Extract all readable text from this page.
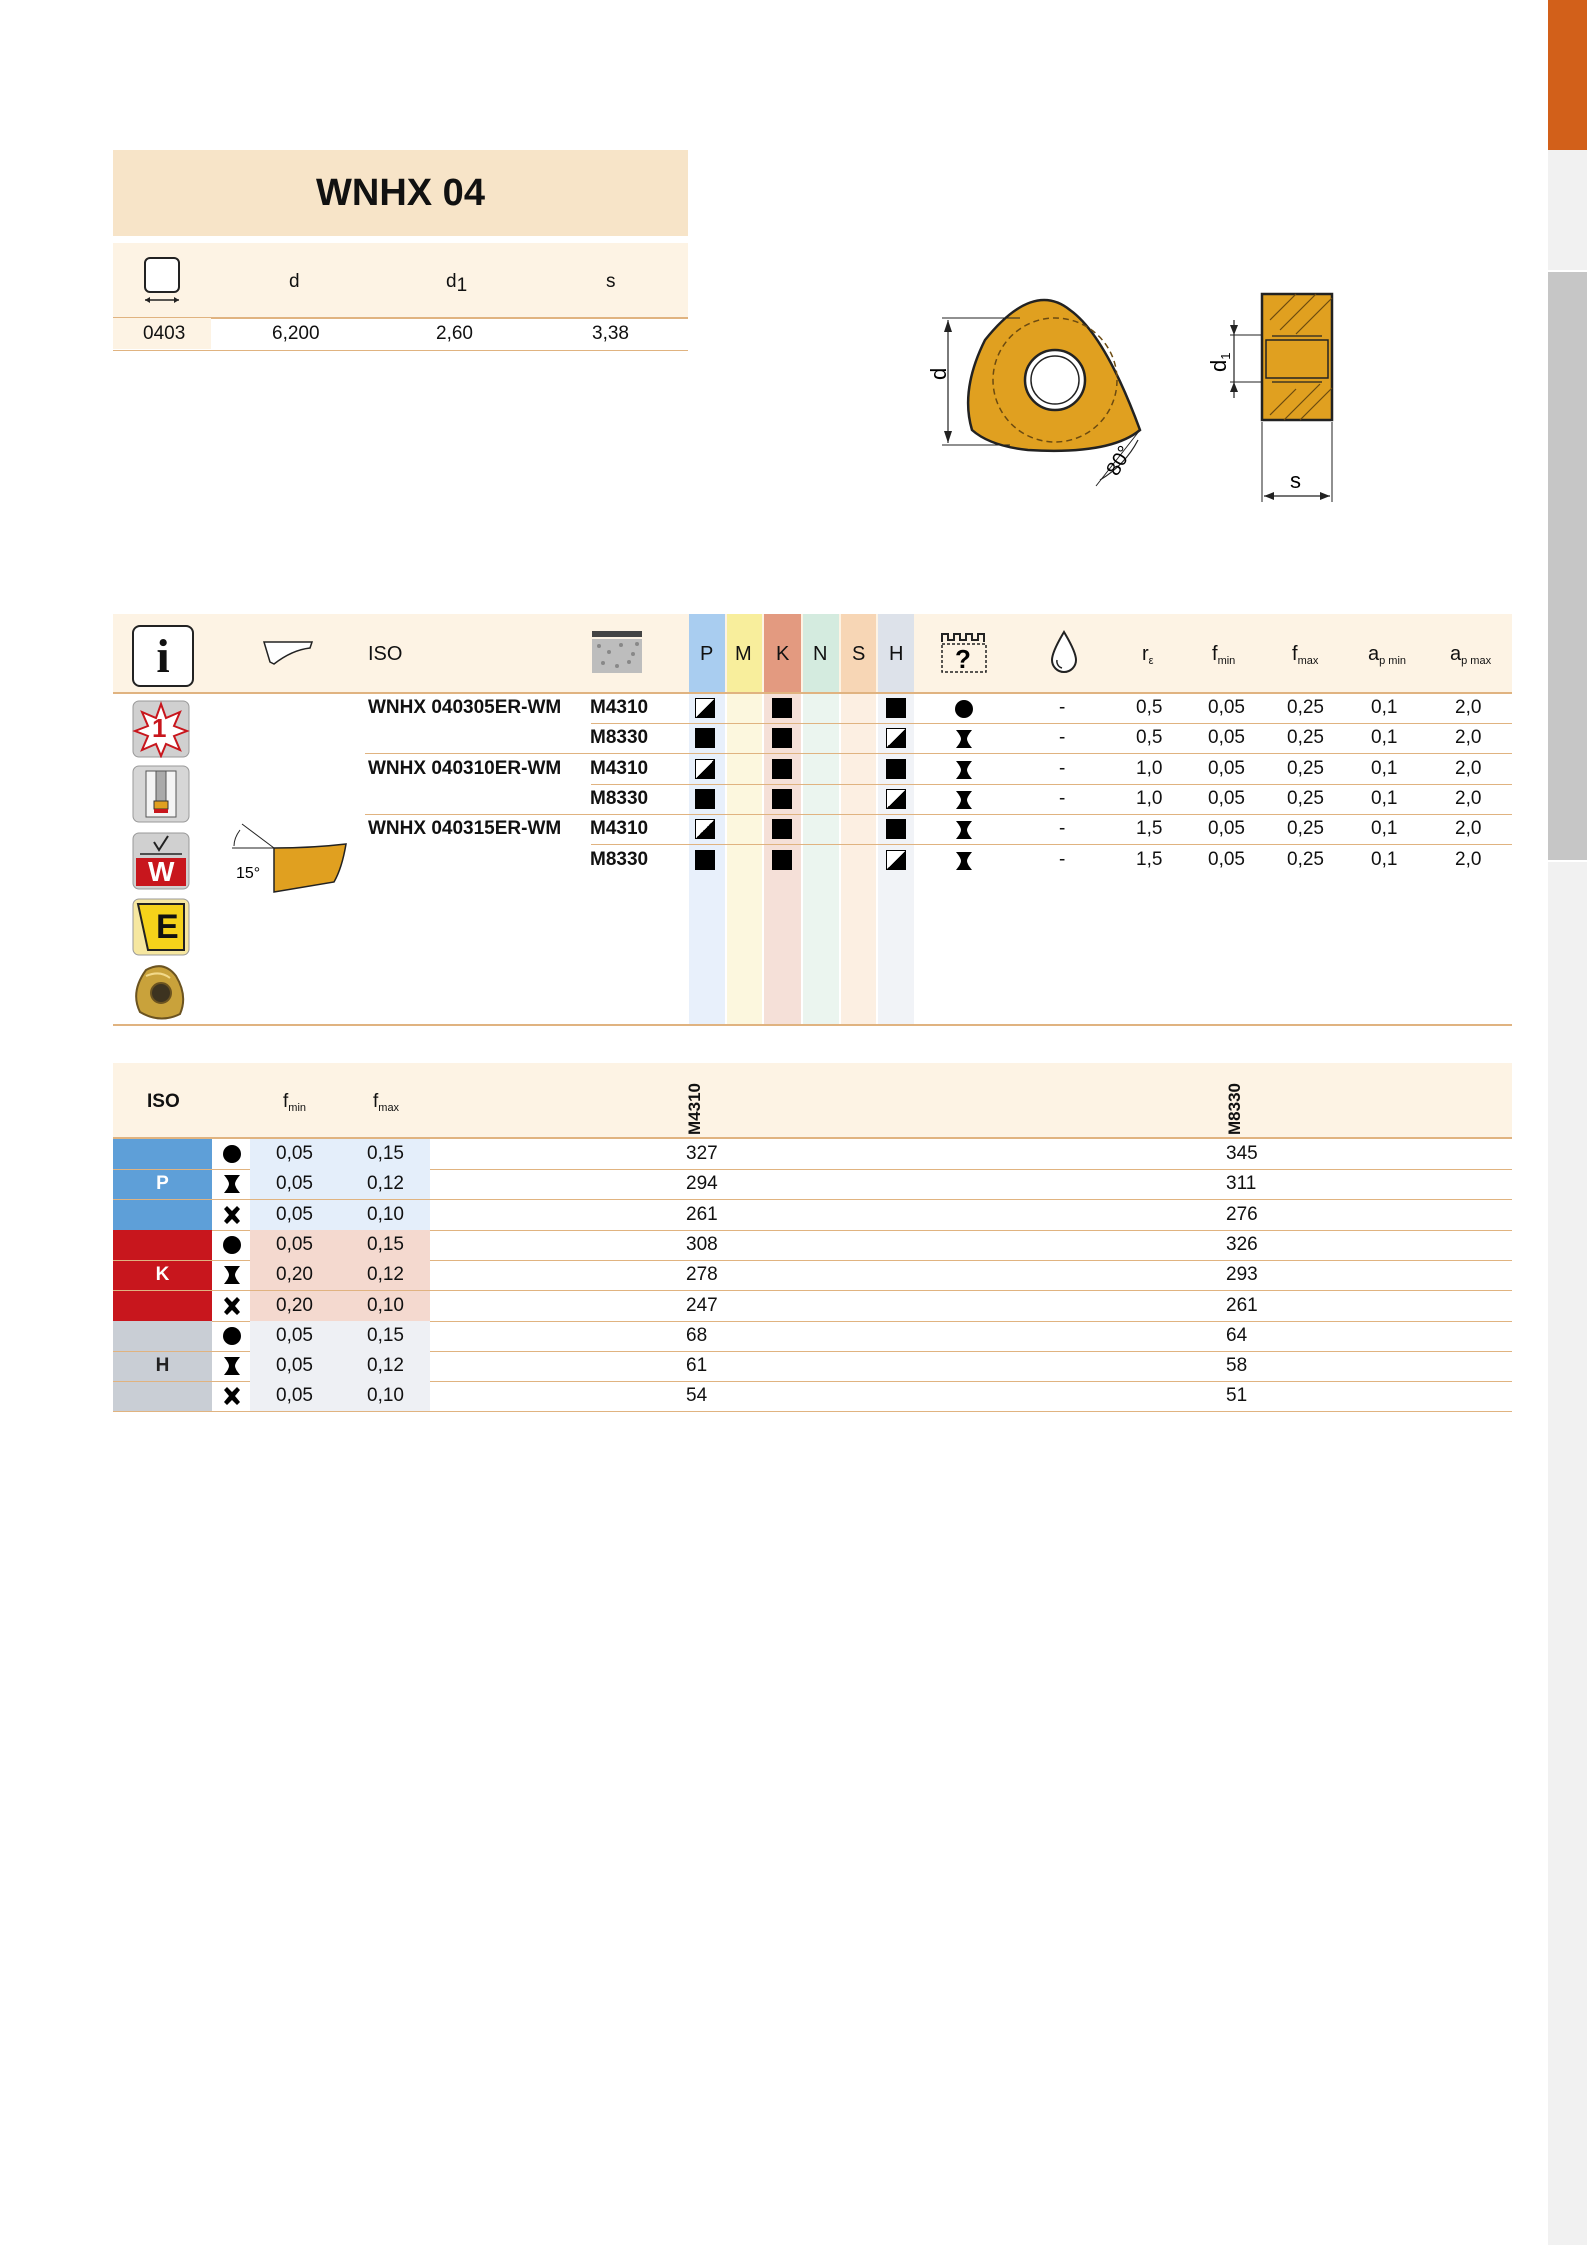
WNHX 04
d	d1	s
0403	6,200	2,60	3,38
d
80°
d1
s
i	ISO	P M K N S H ?	$r_\varepsilon$	$f_{min}$	$f_{max}$ $a_{p min}$ $a_{p max}$
1
W
E
15°
WNHX 040305ER-WM M4310	-	0,5 0,05 0,25 0,1	2,0
M8330	-	0,5 0,05 0,25 0,1	2,0
WNHX 040310ER-WM M4310	-	1,0 0,05 0,25 0,1	2,0
M8330	-	1,0 0,05 0,25 0,1	2,0
WNHX 040315ER-WM M4310	-	1,5 0,05 0,25 0,1	2,0
M8330	-	1,5 0,05 0,25 0,1	2,0
ISO	$f_{min}$	$f_{max}$	M4310	M8330
P
0,05	0,15	327	345
0,05	0,12	294	311
0,05	0,10	261	276
K
0,05	0,15	308	326
0,20	0,12	278	293
0,20	0,10	247	261
H
0,05	0,15	68	64
0,05	0,12	61	58
0,05	0,10	54	51
